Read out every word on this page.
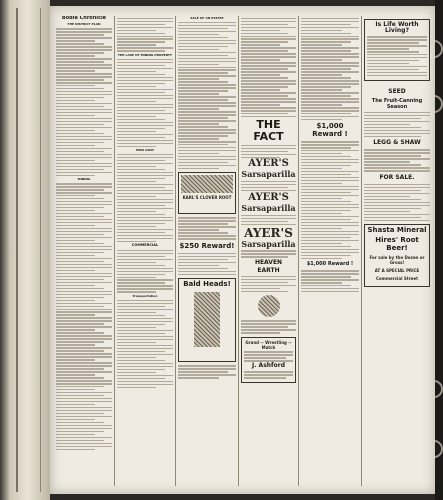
Bodie Chronicle
THE DISTRICT PLAN
MINING
THE LASE OF MINING PROPERTY
MISS GRAY
COMMERCIAL
Transportation
SALE OF AN ESTATE
KARL'S CLOVER ROOT
$250 Reward!
Bald Heads!
THE FACT
AYER'S
Sarsaparilla
AYER'S
Sarsaparilla
AYER'S
Sarsaparilla
HEAVEN
EARTH
Grand -- Wrestling -- Match
J. Ashford
$1,000 Reward !
$1,000 Reward !
Is Life Worth Living?
SEED
The Fruit-Canning Season
LEGG & SHAW
FOR SALE.
Shasta Mineral
Hires' Root Beer!
For sale by the Dozen or Gross!
AT A SPECIAL PRICE
Commercial Street
